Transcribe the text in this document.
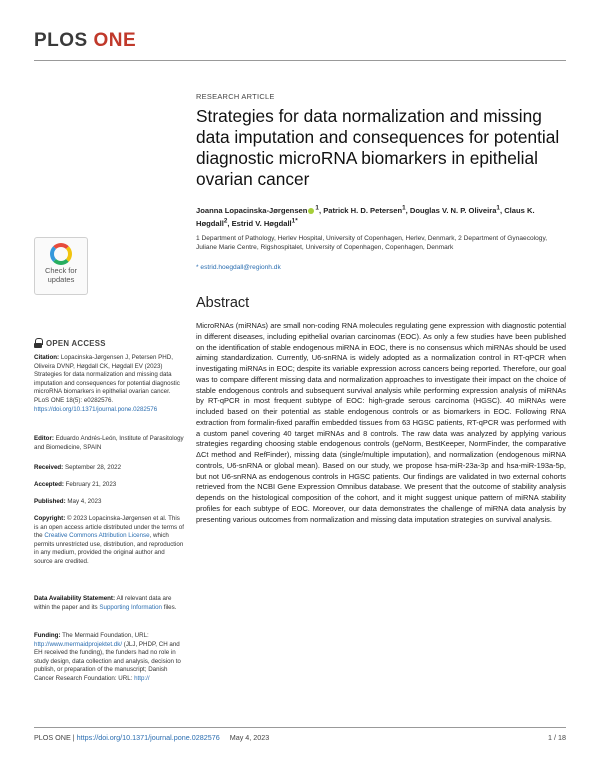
PLOS ONE
Check for updates
OPEN ACCESS
Citation: Lopacinska-Jørgensen J, Petersen PHD, Oliveira DVNP, Høgdall CK, Høgdall EV (2023) Strategies for data normalization and missing data imputation and consequences for potential diagnostic microRNA biomarkers in epithelial ovarian cancer. PLoS ONE 18(5): e0282576. https://doi.org/10.1371/journal.pone.0282576
Editor: Eduardo Andrés-León, Institute of Parasitology and Biomedicine, SPAIN
Received: September 28, 2022
Accepted: February 21, 2023
Published: May 4, 2023
Copyright: © 2023 Lopacinska-Jørgensen et al. This is an open access article distributed under the terms of the Creative Commons Attribution License, which permits unrestricted use, distribution, and reproduction in any medium, provided the original author and source are credited.
Data Availability Statement: All relevant data are within the paper and its Supporting Information files.
Funding: The Mermaid Foundation, URL: http://www.mermaidprojektet.dk/ (JLJ, PHDP, CH and EH received the funding), the funders had no role in study design, data collection and analysis, decision to publish, or preparation of the manuscript; Danish Cancer Research Foundation: URL: http://
RESEARCH ARTICLE
Strategies for data normalization and missing data imputation and consequences for potential diagnostic microRNA biomarkers in epithelial ovarian cancer
Joanna Lopacinska-Jørgensen $^1$, Patrick H. D. Petersen$^1$, Douglas V. N. P. Oliveira$^1$, Claus K. Høgdall$^2$, Estrid V. Høgdall$^{1*}$
1 Department of Pathology, Herlev Hospital, University of Copenhagen, Herlev, Denmark, 2 Department of Gynaecology, Juliane Marie Centre, Rigshospitalet, University of Copenhagen, Copenhagen, Denmark
* estrid.hoegdall@regionh.dk
Abstract
MicroRNAs (miRNAs) are small non-coding RNA molecules regulating gene expression with diagnostic potential in different diseases, including epithelial ovarian carcinomas (EOC). As only a few studies have been published on the identification of stable endogenous miRNA in EOC, there is no consensus which miRNAs should be used aiming standardization. Currently, U6-snRNA is widely adopted as a normalization control in RT-qPCR when investigating miRNAs in EOC; despite its variable expression across cancers being reported. Therefore, our goal was to compare different missing data and normalization approaches to investigate their impact on the choice of stable endogenous controls and subsequent survival analysis while performing expression analysis of miRNAs by RT-qPCR in most frequent subtype of EOC: high-grade serous carcinoma (HGSC). 40 miRNAs were included based on their potential as stable endogenous controls or as biomarkers in EOC. Following RNA extraction from formalin-fixed paraffin embedded tissues from 63 HGSC patients, RT-qPCR was performed with a custom panel covering 40 target miRNAs and 8 controls. The raw data was analyzed by applying various strategies regarding choosing stable endogenous controls (geNorm, BestKeeper, NormFinder, the comparative ΔCt method and RefFinder), missing data (single/multiple imputation), and normalization (endogenous miRNA controls, U6-snRNA or global mean). Based on our study, we propose hsa-miR-23a-3p and hsa-miR-193a-5p, but not U6-snRNA as endogenous controls in HGSC patients. Our findings are validated in two external cohorts retrieved from the NCBI Gene Expression Omnibus database. We present that the outcome of stability analysis depends on the histological composition of the cohort, and it might suggest unique pattern of miRNA stability profiles for each subtype of EOC. Moreover, our data demonstrates the challenge of miRNA data analysis by presenting various outcomes from normalization and missing data imputation strategies on survival analysis.
PLOS ONE | https://doi.org/10.1371/journal.pone.0282576 May 4, 2023	1 / 18
